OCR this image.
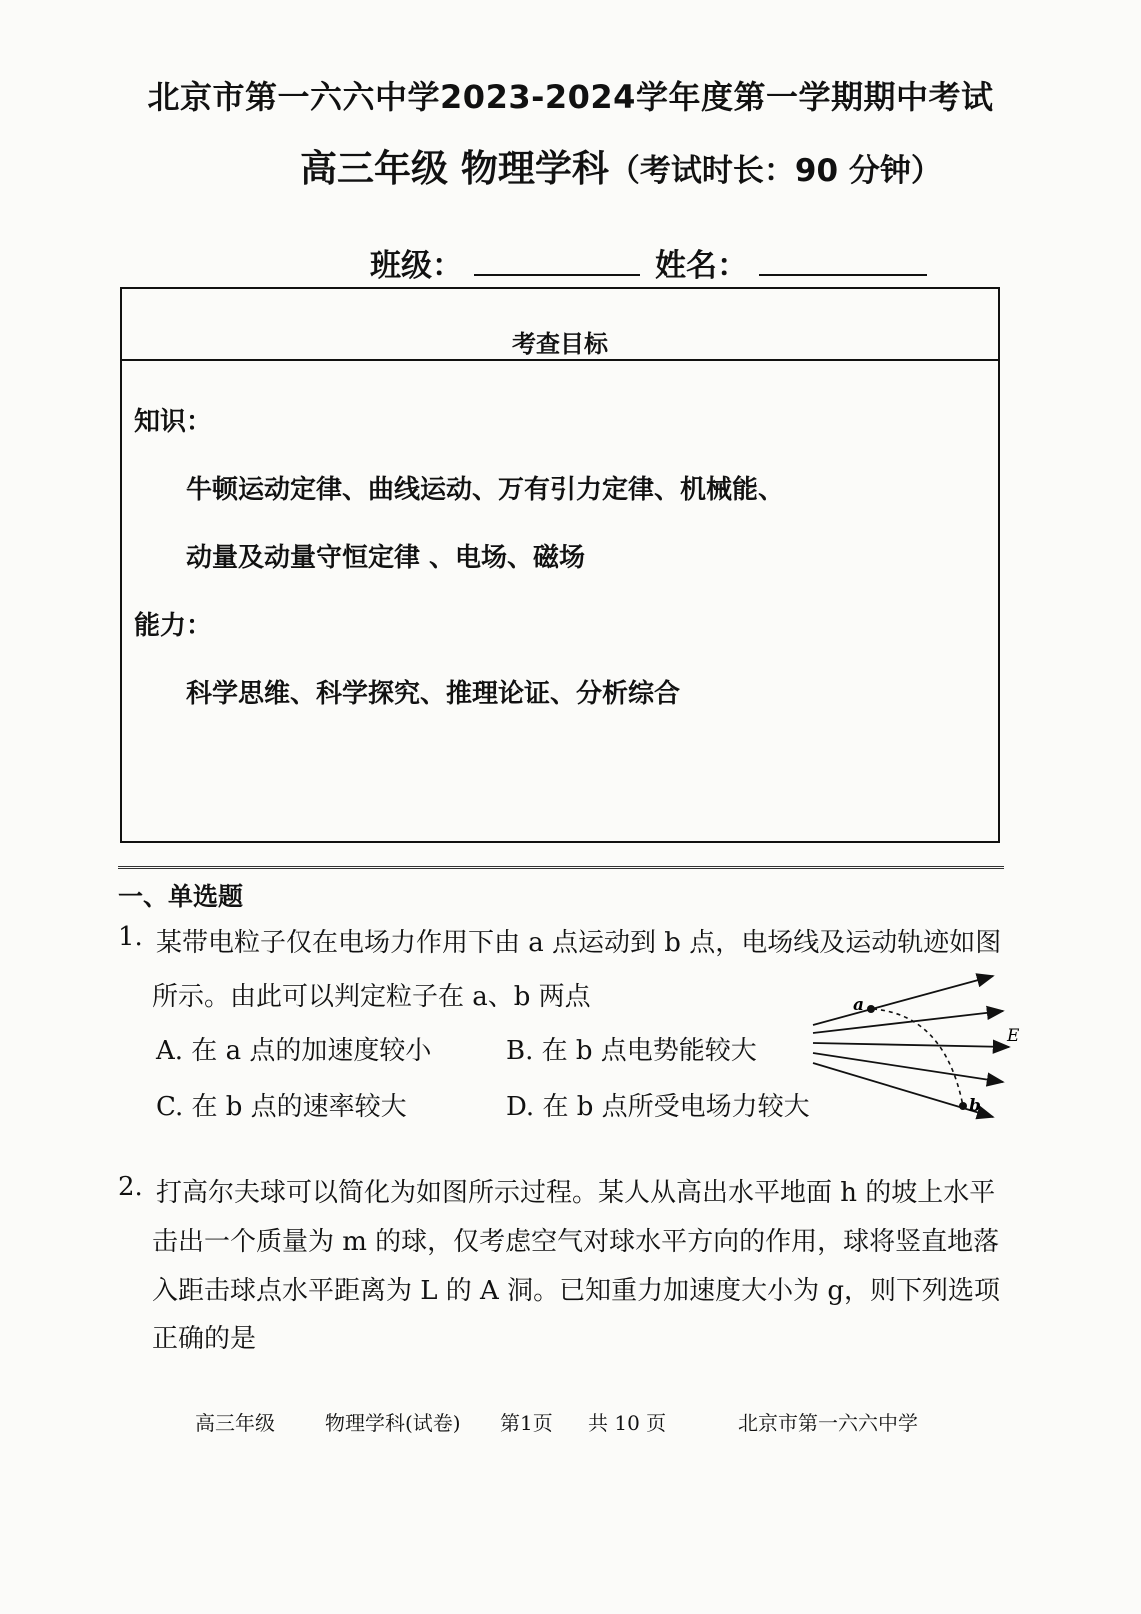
北京市第一六六中学2023-2024学年度第一学期期中考试
高三年级 物理学科（考试时长：90 分钟）
班级：	姓名：
考查目标
知识：
牛顿运动定律、曲线运动、万有引力定律、机械能、
动量及动量守恒定律 、电场、磁场
能力：
科学思维、科学探究、推理论证、分析综合
一、单选题
1. 某带电粒子仅在电场力作用下由 a 点运动到 b 点，电场线及运动轨迹如图
所示。由此可以判定粒子在 a、b 两点
A. 在 a 点的加速度较小	B. 在 b 点电势能较大
C. 在 b 点的速率较大	D. 在 b 点所受电场力较大
a
b
E
2. 打高尔夫球可以简化为如图所示过程。某人从高出水平地面 h 的坡上水平
击出一个质量为 m 的球，仅考虑空气对球水平方向的作用，球将竖直地落
入距击球点水平距离为 L 的 A 洞。已知重力加速度大小为 g，则下列选项
正确的是
高三年级	物理学科(试卷) 第1页 共 10 页	北京市第一六六中学
